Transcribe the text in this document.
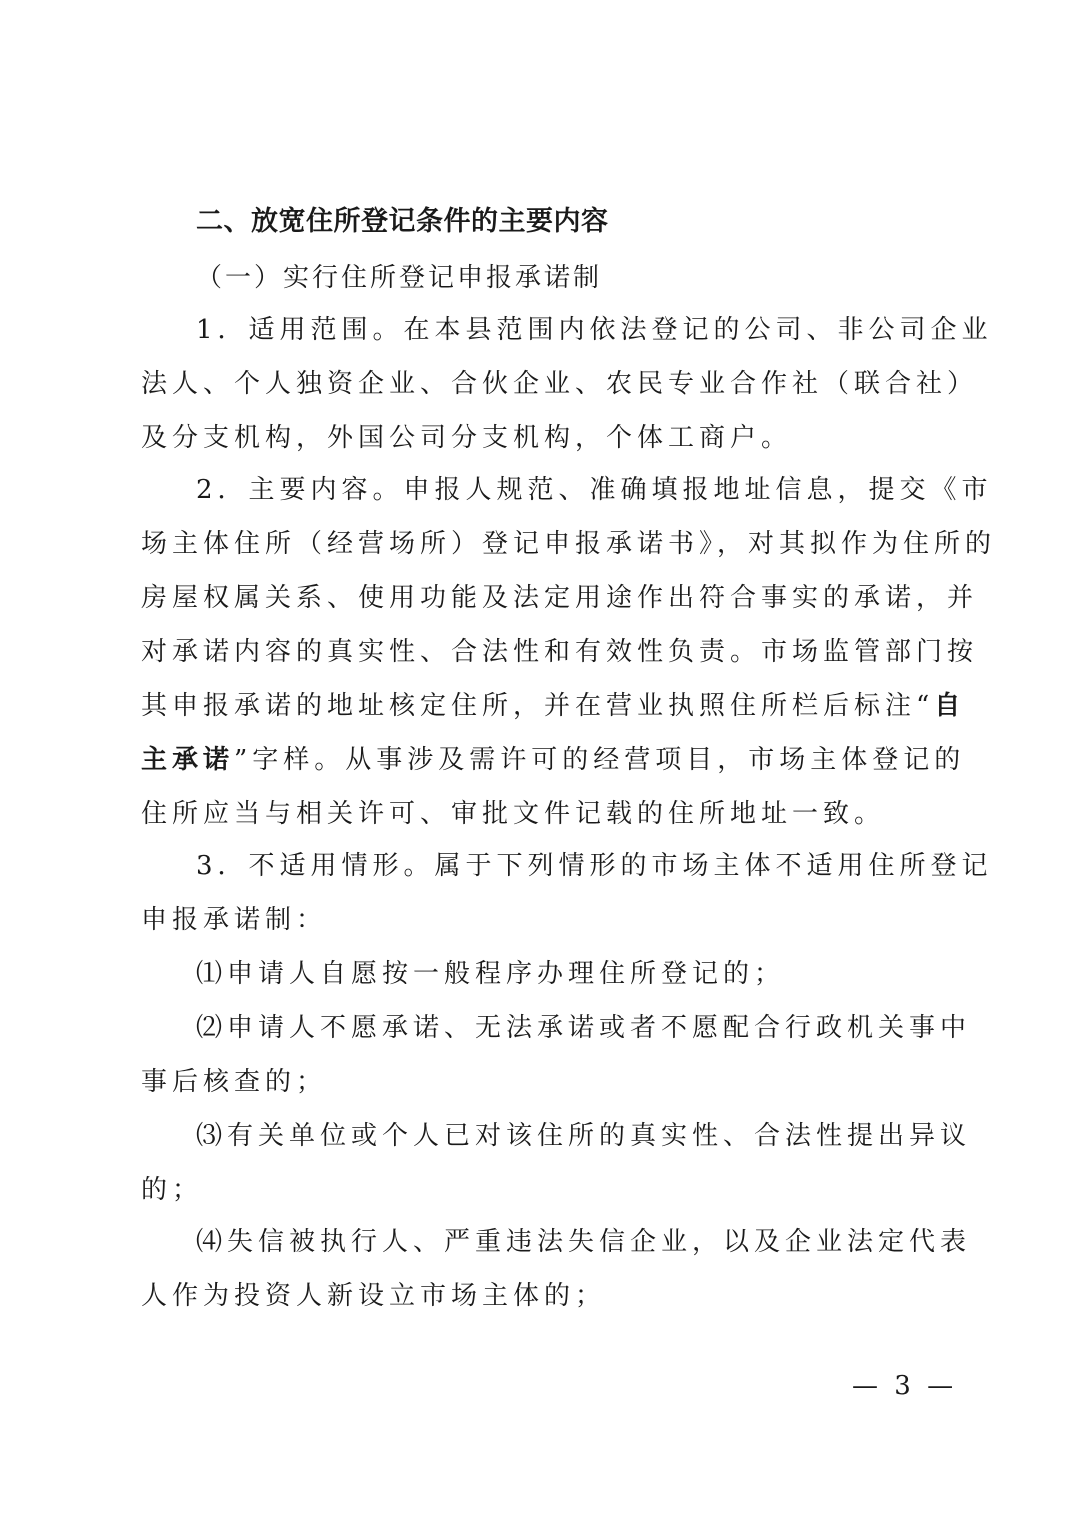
二、放宽住所登记条件的主要内容
（一）实行住所登记申报承诺制
1．适用范围。在本县范围内依法登记的公司、非公司企业
法人、个人独资企业、合伙企业、农民专业合作社（联合社）
及分支机构，外国公司分支机构，个体工商户。
2．主要内容。申报人规范、准确填报地址信息，提交《市
场主体住所（经营场所）登记申报承诺书》，对其拟作为住所的
房屋权属关系、使用功能及法定用途作出符合事实的承诺，并
对承诺内容的真实性、合法性和有效性负责。市场监管部门按
其申报承诺的地址核定住所，并在营业执照住所栏后标注“自
主承诺”字样。从事涉及需许可的经营项目，市场主体登记的
住所应当与相关许可、审批文件记载的住所地址一致。
3．不适用情形。属于下列情形的市场主体不适用住所登记
申报承诺制：
⑴申请人自愿按一般程序办理住所登记的；
⑵申请人不愿承诺、无法承诺或者不愿配合行政机关事中
事后核查的；
⑶有关单位或个人已对该住所的真实性、合法性提出异议
的；
⑷失信被执行人、严重违法失信企业，以及企业法定代表
人作为投资人新设立市场主体的；
— 3 —
